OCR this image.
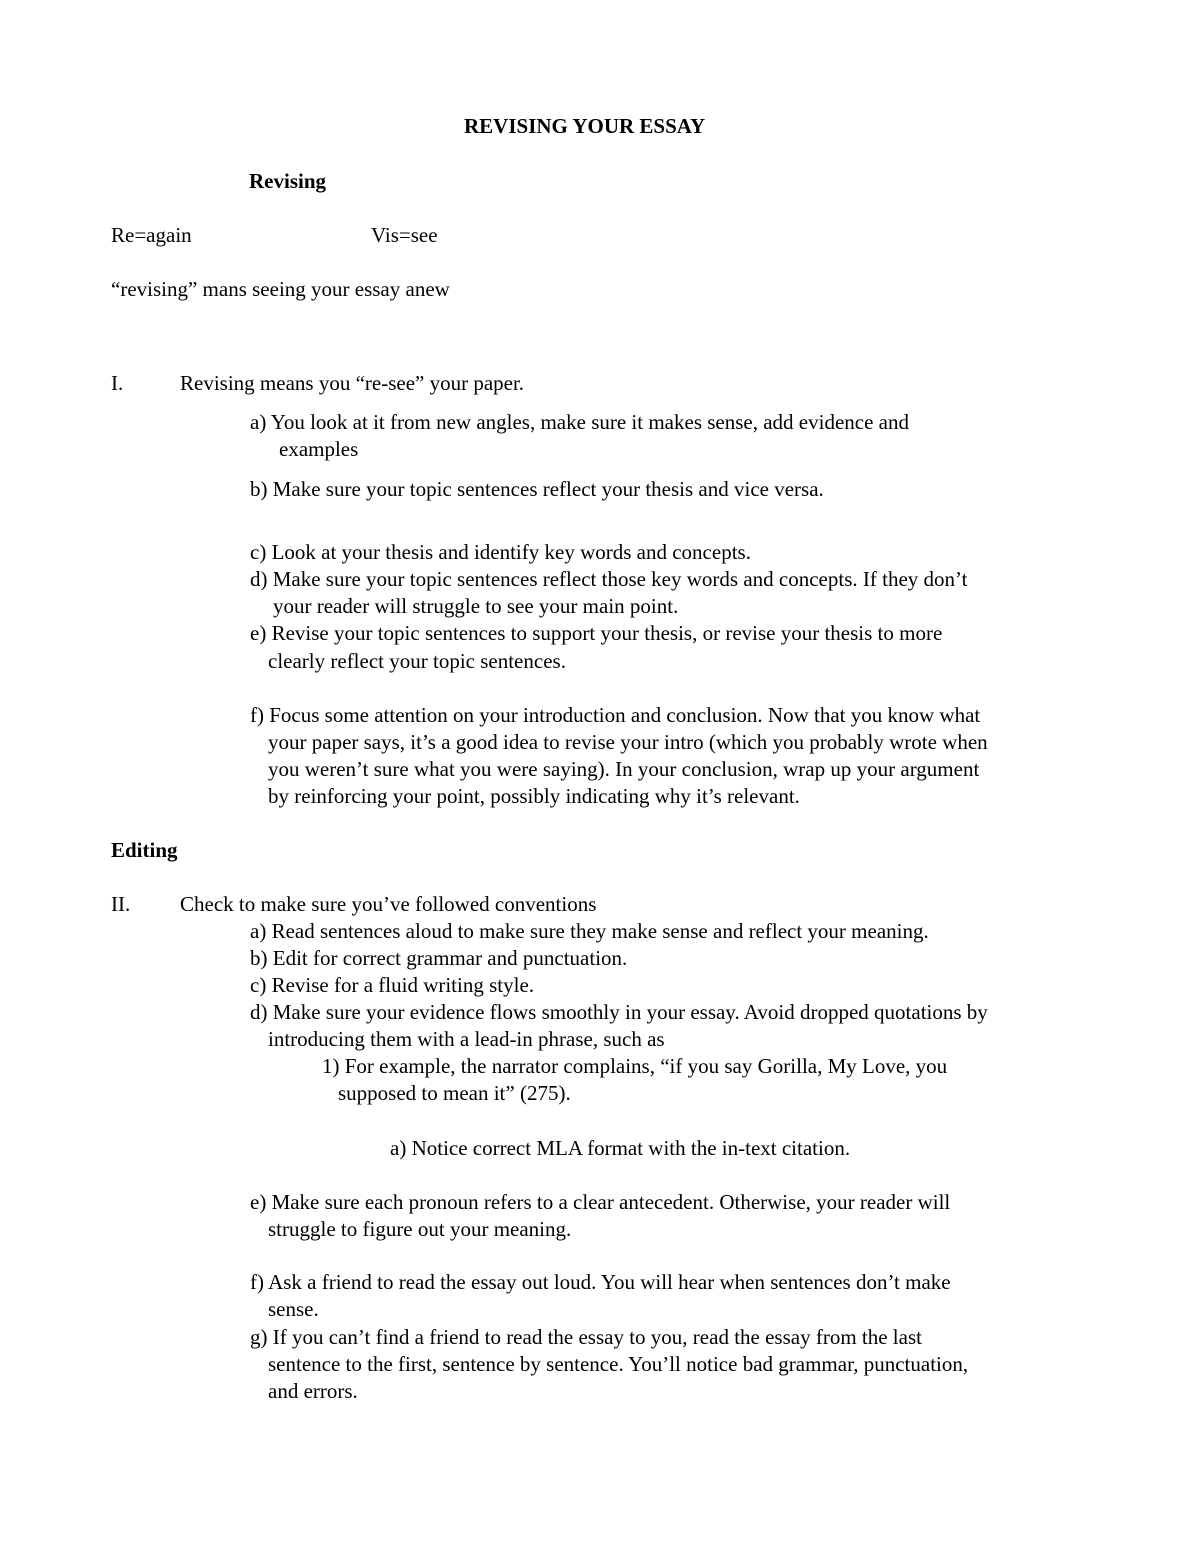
REVISING YOUR ESSAY
Revising
Re=again	Vis=see
“revising” mans seeing your essay anew
I.	Revising means you “re-see” your paper.
a) You look at it from new angles, make sure it makes sense, add evidence and
examples
b) Make sure your topic sentences reflect your thesis and vice versa.
c) Look at your thesis and identify key words and concepts.
d) Make sure your topic sentences reflect those key words and concepts. If they don’t
your reader will struggle to see your main point.
e) Revise your topic sentences to support your thesis, or revise your thesis to more
clearly reflect your topic sentences.
f) Focus some attention on your introduction and conclusion. Now that you know what
your paper says, it’s a good idea to revise your intro (which you probably wrote when
you weren’t sure what you were saying). In your conclusion, wrap up your argument
by reinforcing your point, possibly indicating why it’s relevant.
Editing
II. Check to make sure you’ve followed conventions
a) Read sentences aloud to make sure they make sense and reflect your meaning.
b) Edit for correct grammar and punctuation.
c) Revise for a fluid writing style.
d) Make sure your evidence flows smoothly in your essay. Avoid dropped quotations by
introducing them with a lead-in phrase, such as
1) For example, the narrator complains, “if you say Gorilla, My Love, you
supposed to mean it” (275).
a) Notice correct MLA format with the in-text citation.
e) Make sure each pronoun refers to a clear antecedent. Otherwise, your reader will
struggle to figure out your meaning.
f) Ask a friend to read the essay out loud. You will hear when sentences don’t make
sense.
g) If you can’t find a friend to read the essay to you, read the essay from the last
sentence to the first, sentence by sentence. You’ll notice bad grammar, punctuation,
and errors.
